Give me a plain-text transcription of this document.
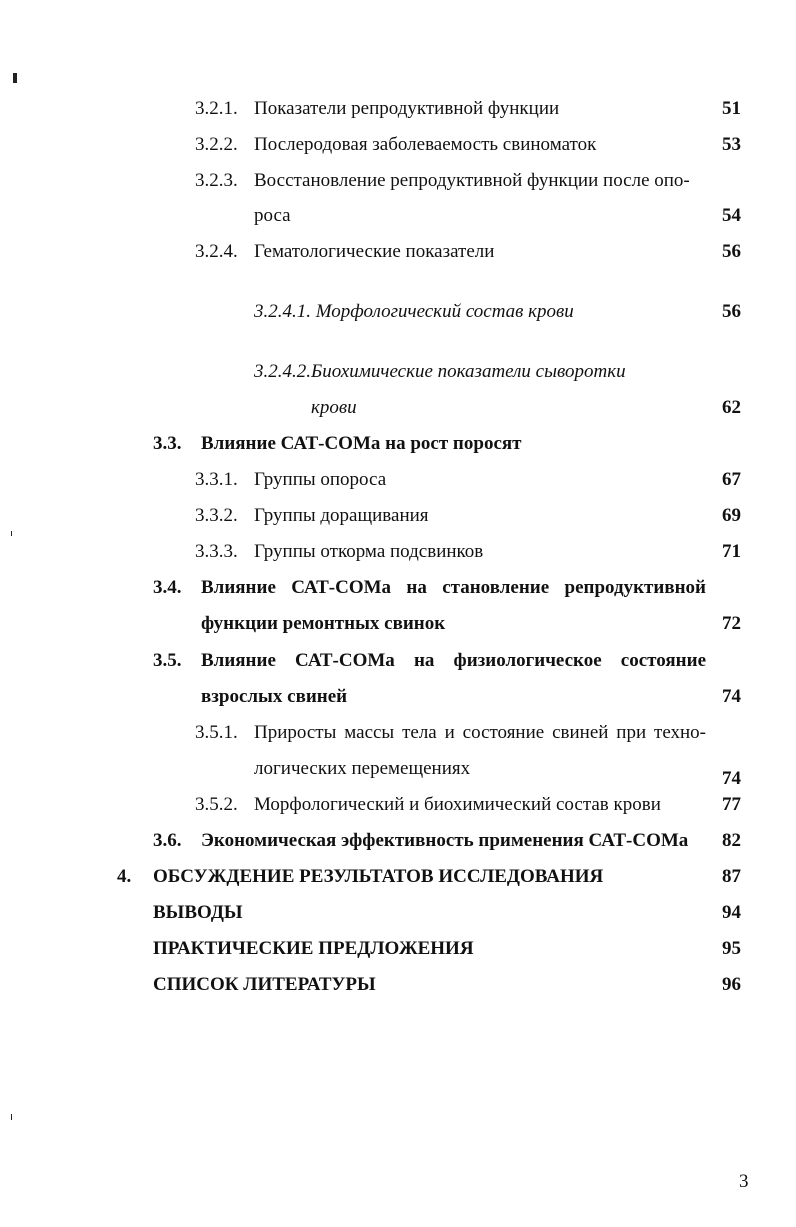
3.2.1. Показатели репродуктивной функции	51
3.2.2. Послеродовая заболеваемость свиноматок	53
3.2.3. Восстановление репродуктивной функции после опо-
роса	54
3.2.4. Гематологические показатели	56
3.2.4.1. Морфологический состав крови	56
3.2.4.2.Биохимические показатели сыворотки
крови	62
3.3. Влияние САТ-СОМа на рост поросят
3.3.1. Группы опороса	67
3.3.2. Группы доращивания	69
3.3.3. Группы откорма подсвинков	71
3.4. Влияние САТ-СОМа на становление репродуктивной
функции ремонтных свинок	72
3.5. Влияние САТ-СОМа на физиологическое состояние
взрослых свиней	74
3.5.1. Приросты массы тела и состояние свиней при техно-
логических перемещениях	74
3.5.2. Морфологический и биохимический состав крови	77
3.6. Экономическая эффективность применения САТ-СОМа 82
4. ОБСУЖДЕНИЕ РЕЗУЛЬТАТОВ ИССЛЕДОВАНИЯ	87
ВЫВОДЫ	94
ПРАКТИЧЕСКИЕ ПРЕДЛОЖЕНИЯ	95
СПИСОК ЛИТЕРАТУРЫ	96
3
